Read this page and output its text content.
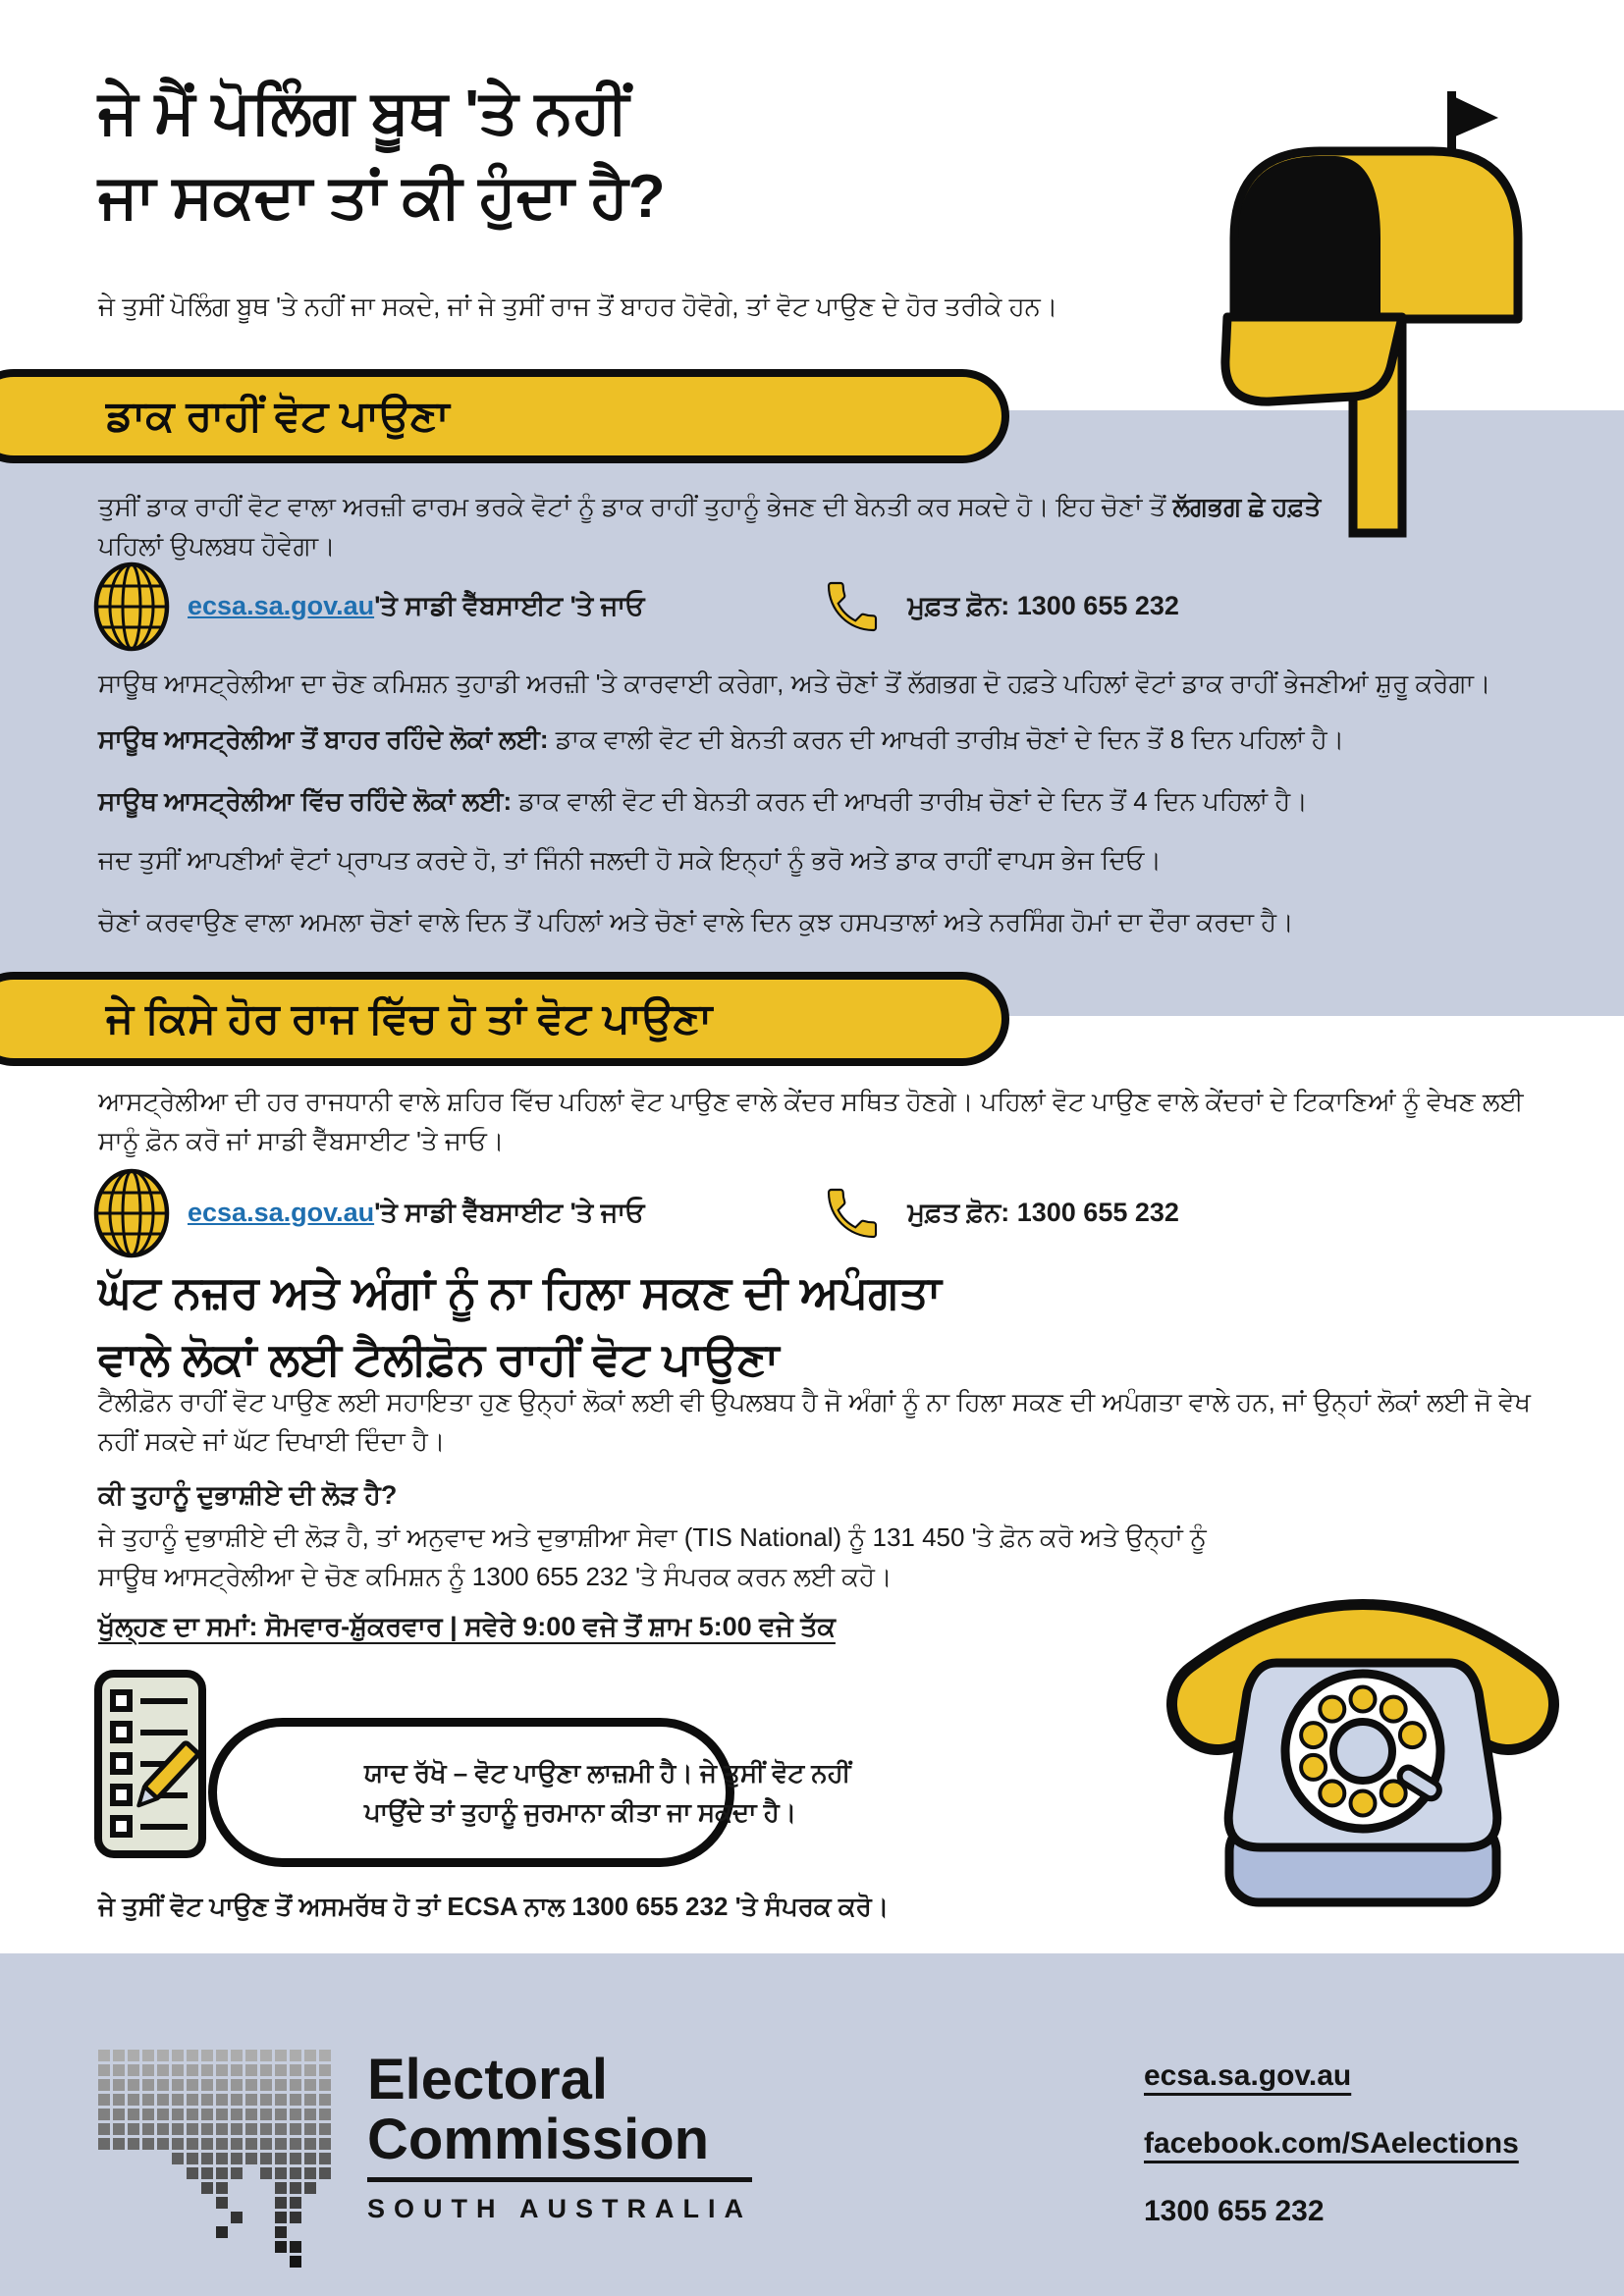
ਜੇ ਮੈਂ ਪੋਲਿੰਗ ਬੂਥ 'ਤੇ ਨਹੀਂ
ਜਾ ਸਕਦਾ ਤਾਂ ਕੀ ਹੁੰਦਾ ਹੈ?
ਜੇ ਤੁਸੀਂ ਪੋਲਿੰਗ ਬੂਥ 'ਤੇ ਨਹੀਂ ਜਾ ਸਕਦੇ, ਜਾਂ ਜੇ ਤੁਸੀਂ ਰਾਜ ਤੋਂ ਬਾਹਰ ਹੋਵੋਗੇ, ਤਾਂ ਵੋਟ ਪਾਉਣ ਦੇ ਹੋਰ ਤਰੀਕੇ ਹਨ।
ਡਾਕ ਰਾਹੀਂ ਵੋਟ ਪਾਉਣਾ
ਤੁਸੀਂ ਡਾਕ ਰਾਹੀਂ ਵੋਟ ਵਾਲਾ ਅਰਜ਼ੀ ਫਾਰਮ ਭਰਕੇ ਵੋਟਾਂ ਨੂੰ ਡਾਕ ਰਾਹੀਂ ਤੁਹਾਨੂੰ ਭੇਜਣ ਦੀ ਬੇਨਤੀ ਕਰ ਸਕਦੇ ਹੋ। ਇਹ ਚੋਣਾਂ ਤੋਂ ਲੱਗਭਗ ਛੇ ਹਫ਼ਤੇ ਪਹਿਲਾਂ ਉਪਲਬਧ ਹੋਵੇਗਾ।
ecsa.sa.gov.au'ਤੇ ਸਾਡੀ ਵੈੱਬਸਾਈਟ 'ਤੇ ਜਾਓ	ਮੁਫ਼ਤ ਫ਼ੋਨ: 1300 655 232
ਸਾਊਥ ਆਸਟ੍ਰੇਲੀਆ ਦਾ ਚੋਣ ਕਮਿਸ਼ਨ ਤੁਹਾਡੀ ਅਰਜ਼ੀ 'ਤੇ ਕਾਰਵਾਈ ਕਰੇਗਾ, ਅਤੇ ਚੋਣਾਂ ਤੋਂ ਲੱਗਭਗ ਦੋ ਹਫ਼ਤੇ ਪਹਿਲਾਂ ਵੋਟਾਂ ਡਾਕ ਰਾਹੀਂ ਭੇਜਣੀਆਂ ਸ਼ੁਰੂ ਕਰੇਗਾ।
ਸਾਊਥ ਆਸਟ੍ਰੇਲੀਆ ਤੋਂ ਬਾਹਰ ਰਹਿੰਦੇ ਲੋਕਾਂ ਲਈ: ਡਾਕ ਵਾਲੀ ਵੋਟ ਦੀ ਬੇਨਤੀ ਕਰਨ ਦੀ ਆਖਰੀ ਤਾਰੀਖ਼ ਚੋਣਾਂ ਦੇ ਦਿਨ ਤੋਂ 8 ਦਿਨ ਪਹਿਲਾਂ ਹੈ।
ਸਾਊਥ ਆਸਟ੍ਰੇਲੀਆ ਵਿੱਚ ਰਹਿੰਦੇ ਲੋਕਾਂ ਲਈ: ਡਾਕ ਵਾਲੀ ਵੋਟ ਦੀ ਬੇਨਤੀ ਕਰਨ ਦੀ ਆਖਰੀ ਤਾਰੀਖ਼ ਚੋਣਾਂ ਦੇ ਦਿਨ ਤੋਂ 4 ਦਿਨ ਪਹਿਲਾਂ ਹੈ।
ਜਦ ਤੁਸੀਂ ਆਪਣੀਆਂ ਵੋਟਾਂ ਪ੍ਰਾਪਤ ਕਰਦੇ ਹੋ, ਤਾਂ ਜਿੰਨੀ ਜਲਦੀ ਹੋ ਸਕੇ ਇਨ੍ਹਾਂ ਨੂੰ ਭਰੋ ਅਤੇ ਡਾਕ ਰਾਹੀਂ ਵਾਪਸ ਭੇਜ ਦਿਓ।
ਚੋਣਾਂ ਕਰਵਾਉਣ ਵਾਲਾ ਅਮਲਾ ਚੋਣਾਂ ਵਾਲੇ ਦਿਨ ਤੋਂ ਪਹਿਲਾਂ ਅਤੇ ਚੋਣਾਂ ਵਾਲੇ ਦਿਨ ਕੁਝ ਹਸਪਤਾਲਾਂ ਅਤੇ ਨਰਸਿੰਗ ਹੋਮਾਂ ਦਾ ਦੌਰਾ ਕਰਦਾ ਹੈ।
ਜੇ ਕਿਸੇ ਹੋਰ ਰਾਜ ਵਿੱਚ ਹੋ ਤਾਂ ਵੋਟ ਪਾਉਣਾ
ਆਸਟ੍ਰੇਲੀਆ ਦੀ ਹਰ ਰਾਜਧਾਨੀ ਵਾਲੇ ਸ਼ਹਿਰ ਵਿੱਚ ਪਹਿਲਾਂ ਵੋਟ ਪਾਉਣ ਵਾਲੇ ਕੇਂਦਰ ਸਥਿਤ ਹੋਣਗੇ। ਪਹਿਲਾਂ ਵੋਟ ਪਾਉਣ ਵਾਲੇ ਕੇਂਦਰਾਂ ਦੇ ਟਿਕਾਣਿਆਂ ਨੂੰ ਵੇਖਣ ਲਈ ਸਾਨੂੰ ਫ਼ੋਨ ਕਰੋ ਜਾਂ ਸਾਡੀ ਵੈੱਬਸਾਈਟ 'ਤੇ ਜਾਓ।
ecsa.sa.gov.au'ਤੇ ਸਾਡੀ ਵੈੱਬਸਾਈਟ 'ਤੇ ਜਾਓ	ਮੁਫ਼ਤ ਫ਼ੋਨ: 1300 655 232
ਘੱਟ ਨਜ਼ਰ ਅਤੇ ਅੰਗਾਂ ਨੂੰ ਨਾ ਹਿਲਾ ਸਕਣ ਦੀ ਅਪੰਗਤਾ
ਵਾਲੇ ਲੋਕਾਂ ਲਈ ਟੈਲੀਫ਼ੋਨ ਰਾਹੀਂ ਵੋਟ ਪਾਉਣਾ
ਟੈਲੀਫ਼ੋਨ ਰਾਹੀਂ ਵੋਟ ਪਾਉਣ ਲਈ ਸਹਾਇਤਾ ਹੁਣ ਉਨ੍ਹਾਂ ਲੋਕਾਂ ਲਈ ਵੀ ਉਪਲਬਧ ਹੈ ਜੋ ਅੰਗਾਂ ਨੂੰ ਨਾ ਹਿਲਾ ਸਕਣ ਦੀ ਅਪੰਗਤਾ ਵਾਲੇ ਹਨ, ਜਾਂ ਉਨ੍ਹਾਂ ਲੋਕਾਂ ਲਈ ਜੋ ਵੇਖ ਨਹੀਂ ਸਕਦੇ ਜਾਂ ਘੱਟ ਦਿਖਾਈ ਦਿੰਦਾ ਹੈ।
ਕੀ ਤੁਹਾਨੂੰ ਦੁਭਾਸ਼ੀਏ ਦੀ ਲੋੜ ਹੈ?
ਜੇ ਤੁਹਾਨੂੰ ਦੁਭਾਸ਼ੀਏ ਦੀ ਲੋੜ ਹੈ, ਤਾਂ ਅਨੁਵਾਦ ਅਤੇ ਦੁਭਾਸ਼ੀਆ ਸੇਵਾ (TIS National) ਨੂੰ 131 450 'ਤੇ ਫ਼ੋਨ ਕਰੋ ਅਤੇ ਉਨ੍ਹਾਂ ਨੂੰ ਸਾਊਥ ਆਸਟ੍ਰੇਲੀਆ ਦੇ ਚੋਣ ਕਮਿਸ਼ਨ ਨੂੰ 1300 655 232 'ਤੇ ਸੰਪਰਕ ਕਰਨ ਲਈ ਕਹੋ।
ਖੁੱਲ੍ਹਣ ਦਾ ਸਮਾਂ: ਸੋਮਵਾਰ-ਸ਼ੁੱਕਰਵਾਰ | ਸਵੇਰੇ 9:00 ਵਜੇ ਤੋਂ ਸ਼ਾਮ 5:00 ਵਜੇ ਤੱਕ
ਯਾਦ ਰੱਖੋ – ਵੋਟ ਪਾਉਣਾ ਲਾਜ਼ਮੀ ਹੈ। ਜੇ ਤੁਸੀਂ ਵੋਟ ਨਹੀਂ
ਪਾਉਂਦੇ ਤਾਂ ਤੁਹਾਨੂੰ ਜੁਰਮਾਨਾ ਕੀਤਾ ਜਾ ਸਕਦਾ ਹੈ।
ਜੇ ਤੁਸੀਂ ਵੋਟ ਪਾਉਣ ਤੋਂ ਅਸਮਰੱਥ ਹੋ ਤਾਂ ECSA ਨਾਲ 1300 655 232 'ਤੇ ਸੰਪਰਕ ਕਰੋ।
Electoral
Commission
SOUTH AUSTRALIA
ecsa.sa.gov.au
facebook.com/SAelections
1300 655 232
